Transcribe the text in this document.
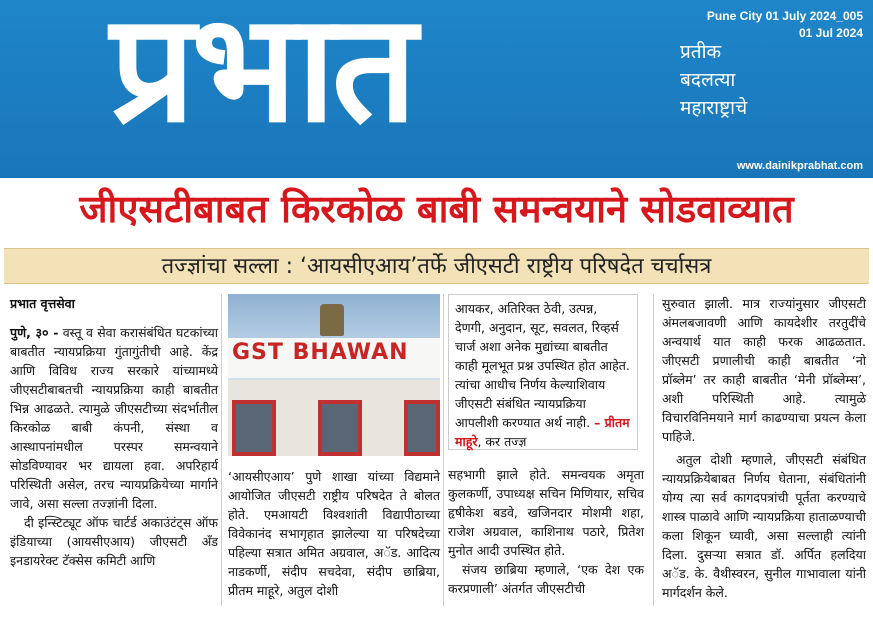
प्रभात	प्रतीक
बदलत्या
महाराष्ट्राचे
Pune City 01 July 2024_005
01 Jul 2024
www.dainikprabhat.com
जीएसटीबाबत किरकोळ बाबी समन्वयाने सोडवाव्यात
तज्ज्ञांचा सल्ला : ‘आयसीएआय’तर्फे जीएसटी राष्ट्रीय परिषदेत चर्चासत्र
प्रभात वृत्तसेवा

पुणे, ३० - वस्तू व सेवा करासंबंधित घटकांच्या बाबतीत न्यायप्रक्रिया गुंतागुंतीची आहे. केंद्र आणि विविध राज्य सरकारे यांच्यामध्ये जीएसटीबाबतची न्यायप्रक्रिया काही बाबतीत भिन्न आढळते. त्यामुळे जीएसटीच्या संदर्भातील किरकोळ बाबी कंपनी, संस्था व आस्थापनांमधील परस्पर समन्वयाने सोडविण्यावर भर द्यायला हवा. अपरिहार्य परिस्थिती असेल, तरच न्यायप्रक्रियेच्या मार्गाने जावे, असा सल्ला तज्ज्ञांनी दिला.

दी इन्स्टिट्यूट ऑफ चार्टर्ड अकाउंटंट्स ऑफ इंडियाच्या (आयसीएआय) जीएसटी अँड इनडायरेक्ट टॅक्सेस कमिटी आणि

GST BHAWAN
‘आयसीएआय’ पुणे शाखा यांच्या विद्यमाने आयोजित जीएसटी राष्ट्रीय परिषदेत ते बोलत होते. एमआयटी विश्वशांती विद्यापीठाच्या विवेकानंद सभागृहात झालेल्या या परिषदेच्या पहिल्या सत्रात अमित अग्रवाल, अॅड. आदित्य नाडकर्णी, संदीप सचदेवा, संदीप छाब्रिया, प्रीतम माहूरे, अतुल दोशी
आयकर, अतिरिक्त ठेवी, उत्पन्न, देणगी, अनुदान, सूट, सवलत, रिव्हर्स चार्ज अशा अनेक मुद्यांच्या बाबतीत काही मूलभूत प्रश्न उपस्थित होत आहेत. त्यांचा आधीच निर्णय केल्याशिवाय जीएसटी संबंधित न्यायप्रक्रिया आपलीशी करण्यात अर्थ नाही. – प्रीतम माहूरे, कर तज्ज्ञ

सहभागी झाले होते. समन्वयक अमृता कुलकर्णी, उपाध्यक्ष सचिन मिणियार, सचिव हृषीकेश बडवे, खजिनदार मोशमी शहा, राजेश अग्रवाल, काशिनाथ पठारे, प्रितेश मुनोत आदी उपस्थित होते.

संजय छाब्रिया म्हणाले, ‘एक देश एक करप्रणाली’ अंतर्गत जीएसटीची

सुरुवात झाली. मात्र राज्यांनुसार जीएसटी अंमलबजावणी आणि कायदेशीर तरतुदींचे अन्वयार्थ यात काही फरक आढळतात. जीएसटी प्रणालीची काही बाबतीत ‘नो प्रॉब्लेम’ तर काही बाबतीत ‘मेनी प्रॉब्लेम्स’, अशी परिस्थिती आहे. त्यामुळे विचारविनिमयाने मार्ग काढण्याचा प्रयत्न केला पाहिजे.

अतुल दोशी म्हणाले, जीएसटी संबंधित न्यायप्रक्रियेबाबत निर्णय घेताना, संबंधितांनी योग्य त्या सर्व कागदपत्रांची पूर्तता करण्याचे शास्त्र पाळावे आणि न्यायप्रक्रिया हाताळण्याची कला शिकून घ्यावी, असा सल्लाही त्यांनी दिला. दुसऱ्या सत्रात डॉ. अर्पित हलदिया अॅड. के. वैथीस्वरन, सुनील गाभावाला यांनी मार्गदर्शन केले.
